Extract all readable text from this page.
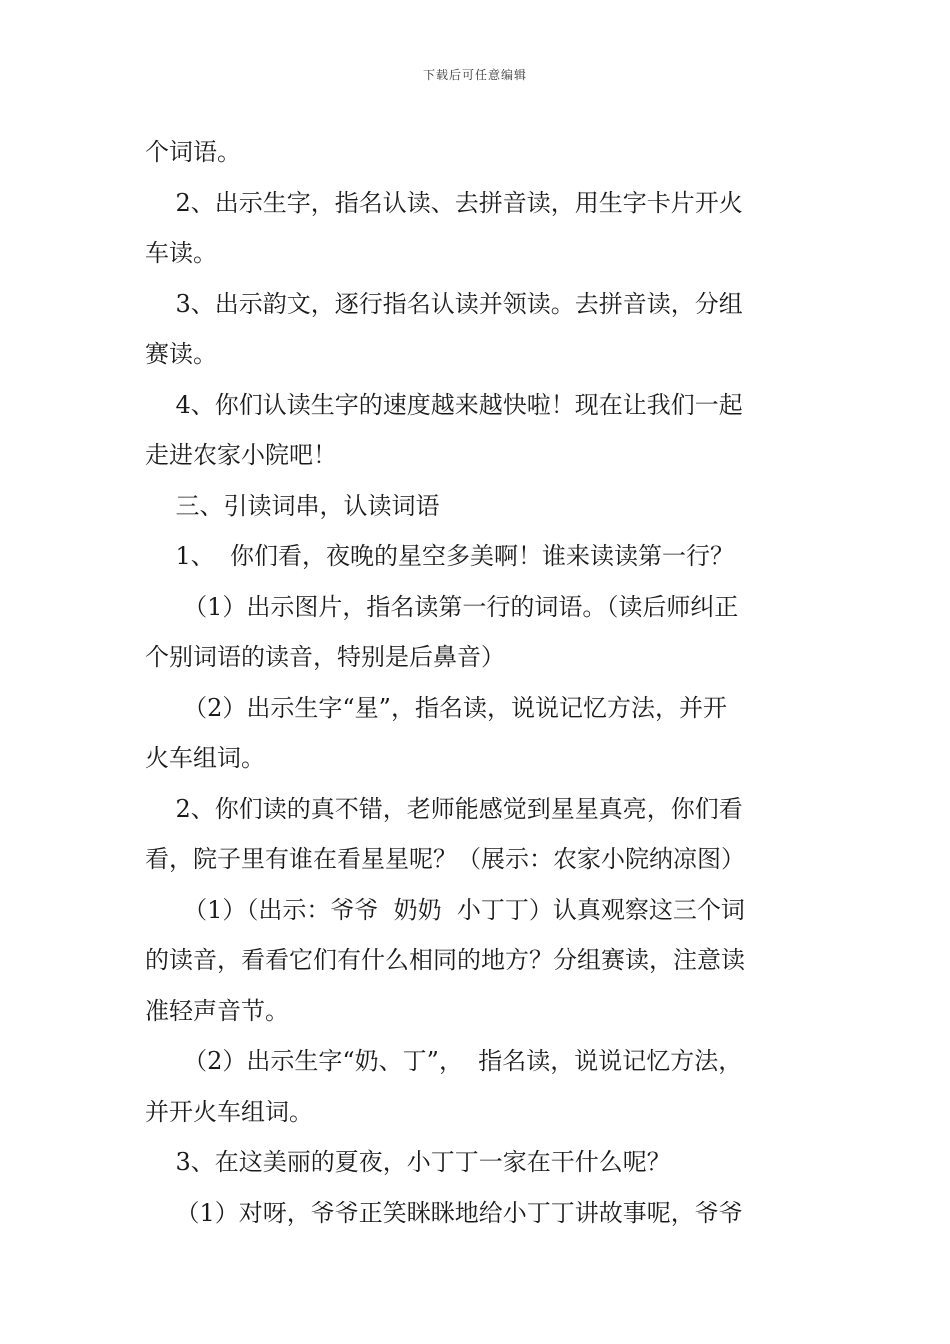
下载后可任意编辑
个词语。
2、出示生字，指名认读、去拼音读，用生字卡片开火
车读。
3、出示韵文，逐行指名认读并领读。去拼音读，分组
赛读。
4、你们认读生字的速度越来越快啦！现在让我们一起
走进农家小院吧！
三、引读词串，认读词语
1、  你们看，夜晚的星空多美啊！谁来读读第一行？
（1）出示图片，指名读第一行的词语。（读后师纠正
个别词语的读音，特别是后鼻音）
（2）出示生字“星”，指名读，说说记忆方法，并开
火车组词。
2、你们读的真不错，老师能感觉到星星真亮，你们看
看，院子里有谁在看星星呢？（展示：农家小院纳凉图）
（1）（出示：爷爷  奶奶  小丁丁）认真观察这三个词
的读音，看看它们有什么相同的地方？分组赛读，注意读
准轻声音节。
（2）出示生字“奶、丁”，  指名读，说说记忆方法，
并开火车组词。
3、在这美丽的夏夜，小丁丁一家在干什么呢？
（1）对呀，爷爷正笑眯眯地给小丁丁讲故事呢，爷爷
